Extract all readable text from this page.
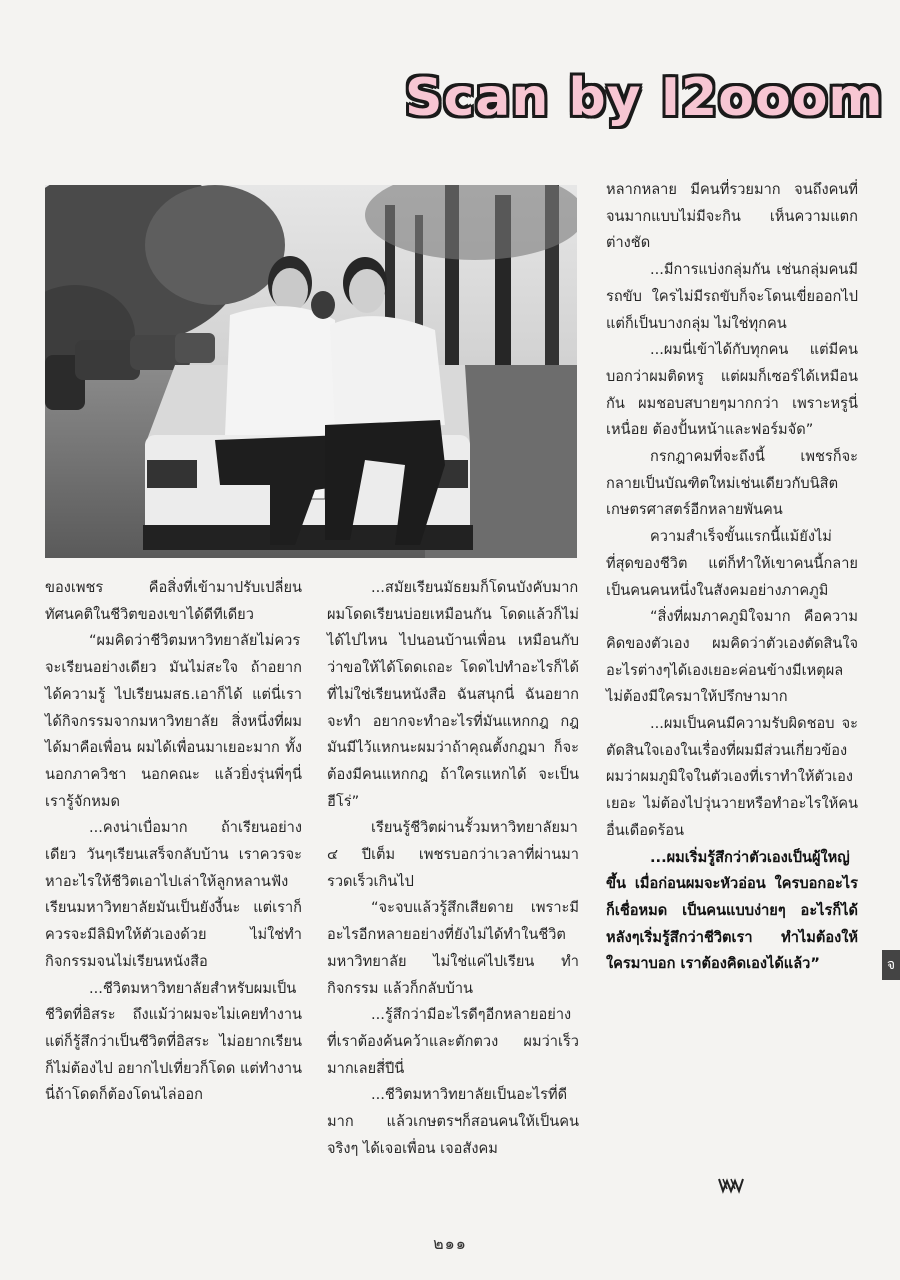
Scan by I2ooom

ของเพชร คือสิ่งที่เข้ามาปรับเปลี่ยนทัศนคติในชีวิตของเขาได้ดีทีเดียว

“ผมคิดว่าชีวิตมหาวิทยาลัยไม่ควรจะเรียนอย่างเดียว มันไม่สะใจ ถ้าอยากได้ความรู้ ไปเรียนมสธ.เอาก็ได้ แต่นี่เราได้กิจกรรมจากมหาวิทยาลัย สิ่งหนึ่งที่ผมได้มาคือเพื่อน ผมได้เพื่อนมาเยอะมาก ทั้งนอกภาควิชา นอกคณะ แล้วยิ่งรุ่นพี่ๆนี่เรารู้จักหมด

...คงน่าเบื่อมาก ถ้าเรียนอย่างเดียว วันๆเรียนเสร็จกลับบ้าน เราควรจะหาอะไรให้ชีวิตเอาไปเล่าให้ลูกหลานฟัง เรียนมหาวิทยาลัยมันเป็นยังงี้นะ แต่เราก็ควรจะมีลิมิทให้ตัวเองด้วย ไม่ใช่ทำกิจกรรมจนไม่เรียนหนังสือ

...ชีวิตมหาวิทยาลัยสำหรับผมเป็นชีวิตที่อิสระ ถึงแม้ว่าผมจะไม่เคยทำงาน แต่ก็รู้สึกว่าเป็นชีวิตที่อิสระ ไม่อยากเรียนก็ไม่ต้องไป อยากไปเที่ยวก็โดด แต่ทำงานนี่ถ้าโดดก็ต้องโดนไล่ออก

...สมัยเรียนมัธยมก็โดนบังคับมาก ผมโดดเรียนบ่อยเหมือนกัน โดดแล้วก็ไม่ได้ไปไหน ไปนอนบ้านเพื่อน เหมือนกับว่าขอให้ได้โดดเถอะ โดดไปทำอะไรก็ได้ที่ไม่ใช่เรียนหนังสือ ฉันสนุกนี่ ฉันอยากจะทำ อยากจะทำอะไรที่มันแหกกฎ กฎมันมีไว้แหกนะผมว่าถ้าคุณตั้งกฎมา ก็จะต้องมีคนแหกกฎ ถ้าใครแหกได้ จะเป็นฮีโร่”

เรียนรู้ชีวิตผ่านรั้วมหาวิทยาลัยมา ๔ ปีเต็ม เพชรบอกว่าเวลาที่ผ่านมารวดเร็วเกินไป

“จะจบแล้วรู้สึกเสียดาย เพราะมีอะไรอีกหลายอย่างที่ยังไม่ได้ทำในชีวิตมหาวิทยาลัย ไม่ใช่แค่ไปเรียน ทำกิจกรรม แล้วก็กลับบ้าน

...รู้สึกว่ามีอะไรดีๆอีกหลายอย่างที่เราต้องค้นคว้าและตักตวง ผมว่าเร็วมากเลยสี่ปีนี่

...ชีวิตมหาวิทยาลัยเป็นอะไรที่ดีมาก แล้วเกษตรฯก็สอนคนให้เป็นคนจริงๆ ได้เจอเพื่อน เจอสังคม

หลากหลาย มีคนที่รวยมาก จนถึงคนที่จนมากแบบไม่มีจะกิน เห็นความแตกต่างชัด

...มีการแบ่งกลุ่มกัน เช่นกลุ่มคนมีรถขับ ใครไม่มีรถขับก็จะโดนเขี่ยออกไป แต่ก็เป็นบางกลุ่ม ไม่ใช่ทุกคน

...ผมนี่เข้าได้กับทุกคน แต่มีคนบอกว่าผมติดหรู แต่ผมก็เซอร์ได้เหมือนกัน ผมชอบสบายๆมากกว่า เพราะหรูนี่เหนื่อย ต้องปั้นหน้าและฟอร์มจัด”

กรกฎาคมที่จะถึงนี้ เพชรก็จะกลายเป็นบัณฑิตใหม่เช่นเดียวกับนิสิตเกษตรศาสตร์อีกหลายพันคน

ความสำเร็จขั้นแรกนี้แม้ยังไม่ที่สุดของชีวิต แต่ก็ทำให้เขาคนนี้กลายเป็นคนคนหนึ่งในสังคมอย่างภาคภูมิ

“สิ่งที่ผมภาคภูมิใจมาก คือความคิดของตัวเอง ผมคิดว่าตัวเองตัดสินใจอะไรต่างๆได้เองเยอะค่อนข้างมีเหตุผล ไม่ต้องมีใครมาให้ปรึกษามาก

...ผมเป็นคนมีความรับผิดชอบ จะตัดสินใจเองในเรื่องที่ผมมีส่วนเกี่ยวข้อง ผมว่าผมภูมิใจในตัวเองที่เราทำให้ตัวเองเยอะ ไม่ต้องไปวุ่นวายหรือทำอะไรให้คนอื่นเดือดร้อน

...ผมเริ่มรู้สึกว่าตัวเองเป็นผู้ใหญ่ขึ้น เมื่อก่อนผมจะหัวอ่อน ใครบอกอะไรก็เชื่อหมด เป็นคนแบบง่ายๆ อะไรก็ได้ หลังๆเริ่มรู้สึกว่าชีวิตเรา ทำไมต้องให้ใครมาบอก เราต้องคิดเองได้แล้ว”	จ
๒๑๑
